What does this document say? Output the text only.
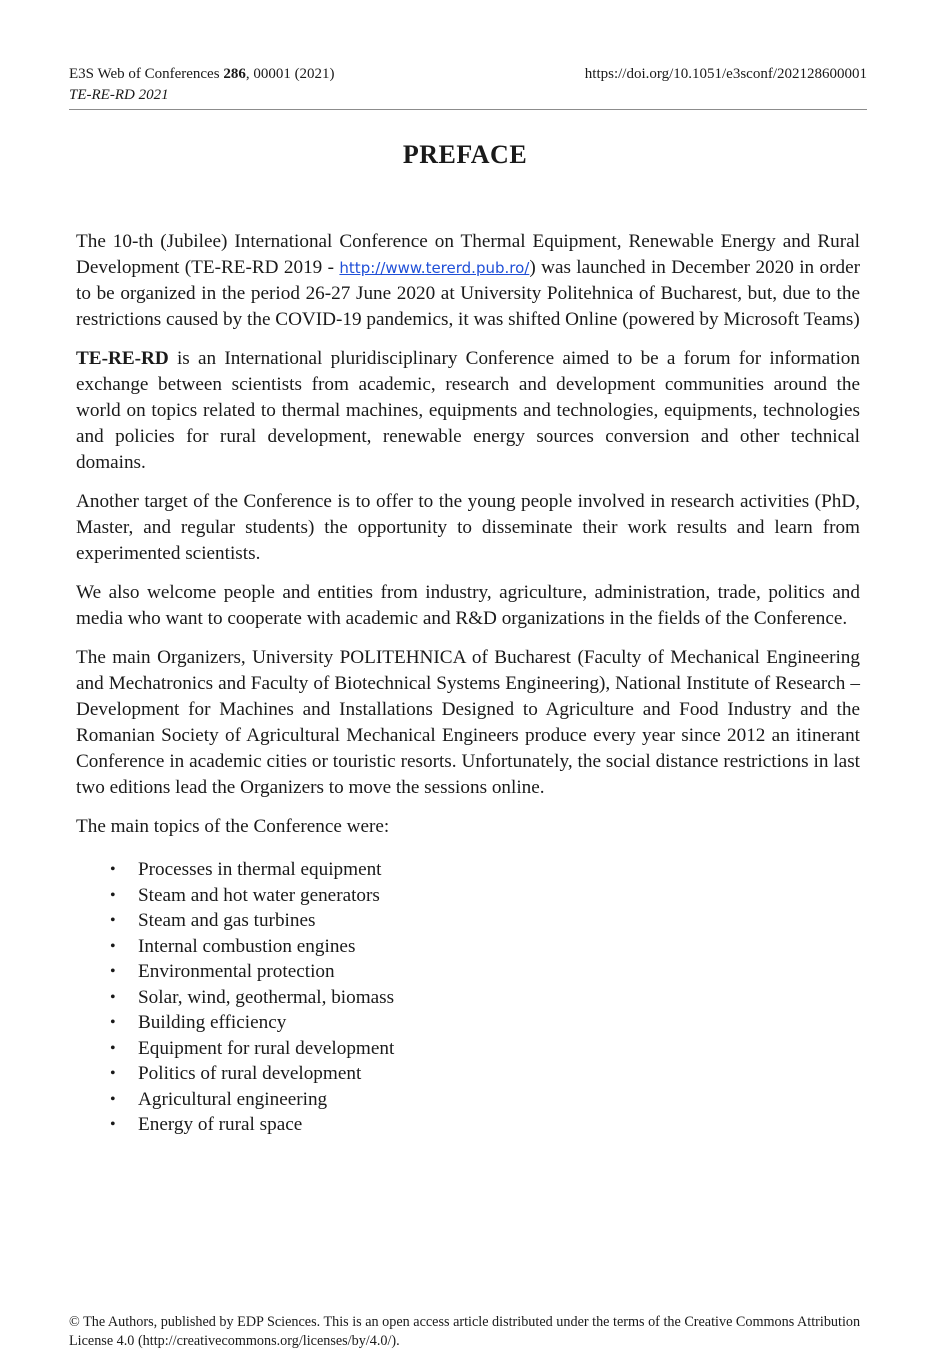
E3S Web of Conferences 286, 00001 (2021)
TE-RE-RD 2021
https://doi.org/10.1051/e3sconf/202128600001
PREFACE

The 10-th (Jubilee) International Conference on Thermal Equipment, Renewable Energy and Rural Development (TE-RE-RD 2019 - http://www.tererd.pub.ro/) was launched in December 2020 in order to be organized in the period 26-27 June 2020 at University Politehnica of Bucharest, but, due to the restrictions caused by the COVID-19 pandemics, it was shifted Online (powered by Microsoft Teams)

TE-RE-RD is an International pluridisciplinary Conference aimed to be a forum for information exchange between scientists from academic, research and development communities around the world on topics related to thermal machines, equipments and technologies, equipments, technologies and policies for rural development, renewable energy sources conversion and other technical domains.

Another target of the Conference is to offer to the young people involved in research activities (PhD, Master, and regular students) the opportunity to disseminate their work results and learn from experimented scientists.

We also welcome people and entities from industry, agriculture, administration, trade, politics and media who want to cooperate with academic and R&D organizations in the fields of the Conference.

The main Organizers, University POLITEHNICA of Bucharest (Faculty of Mechanical Engineering and Mechatronics and Faculty of Biotechnical Systems Engineering), National Institute of Research – Development for Machines and Installations Designed to Agriculture and Food Industry and the Romanian Society of Agricultural Mechanical Engineers produce every year since 2012 an itinerant Conference in academic cities or touristic resorts. Unfortunately, the social distance restrictions in last two editions lead the Organizers to move the sessions online.

The main topics of the Conference were:

• Processes in thermal equipment
• Steam and hot water generators
• Steam and gas turbines
• Internal combustion engines
• Environmental protection
• Solar, wind, geothermal, biomass
• Building efficiency
• Equipment for rural development
• Politics of rural development
• Agricultural engineering
• Energy of rural space
© The Authors, published by EDP Sciences. This is an open access article distributed under the terms of the Creative Commons Attribution License 4.0 (http://creativecommons.org/licenses/by/4.0/).
